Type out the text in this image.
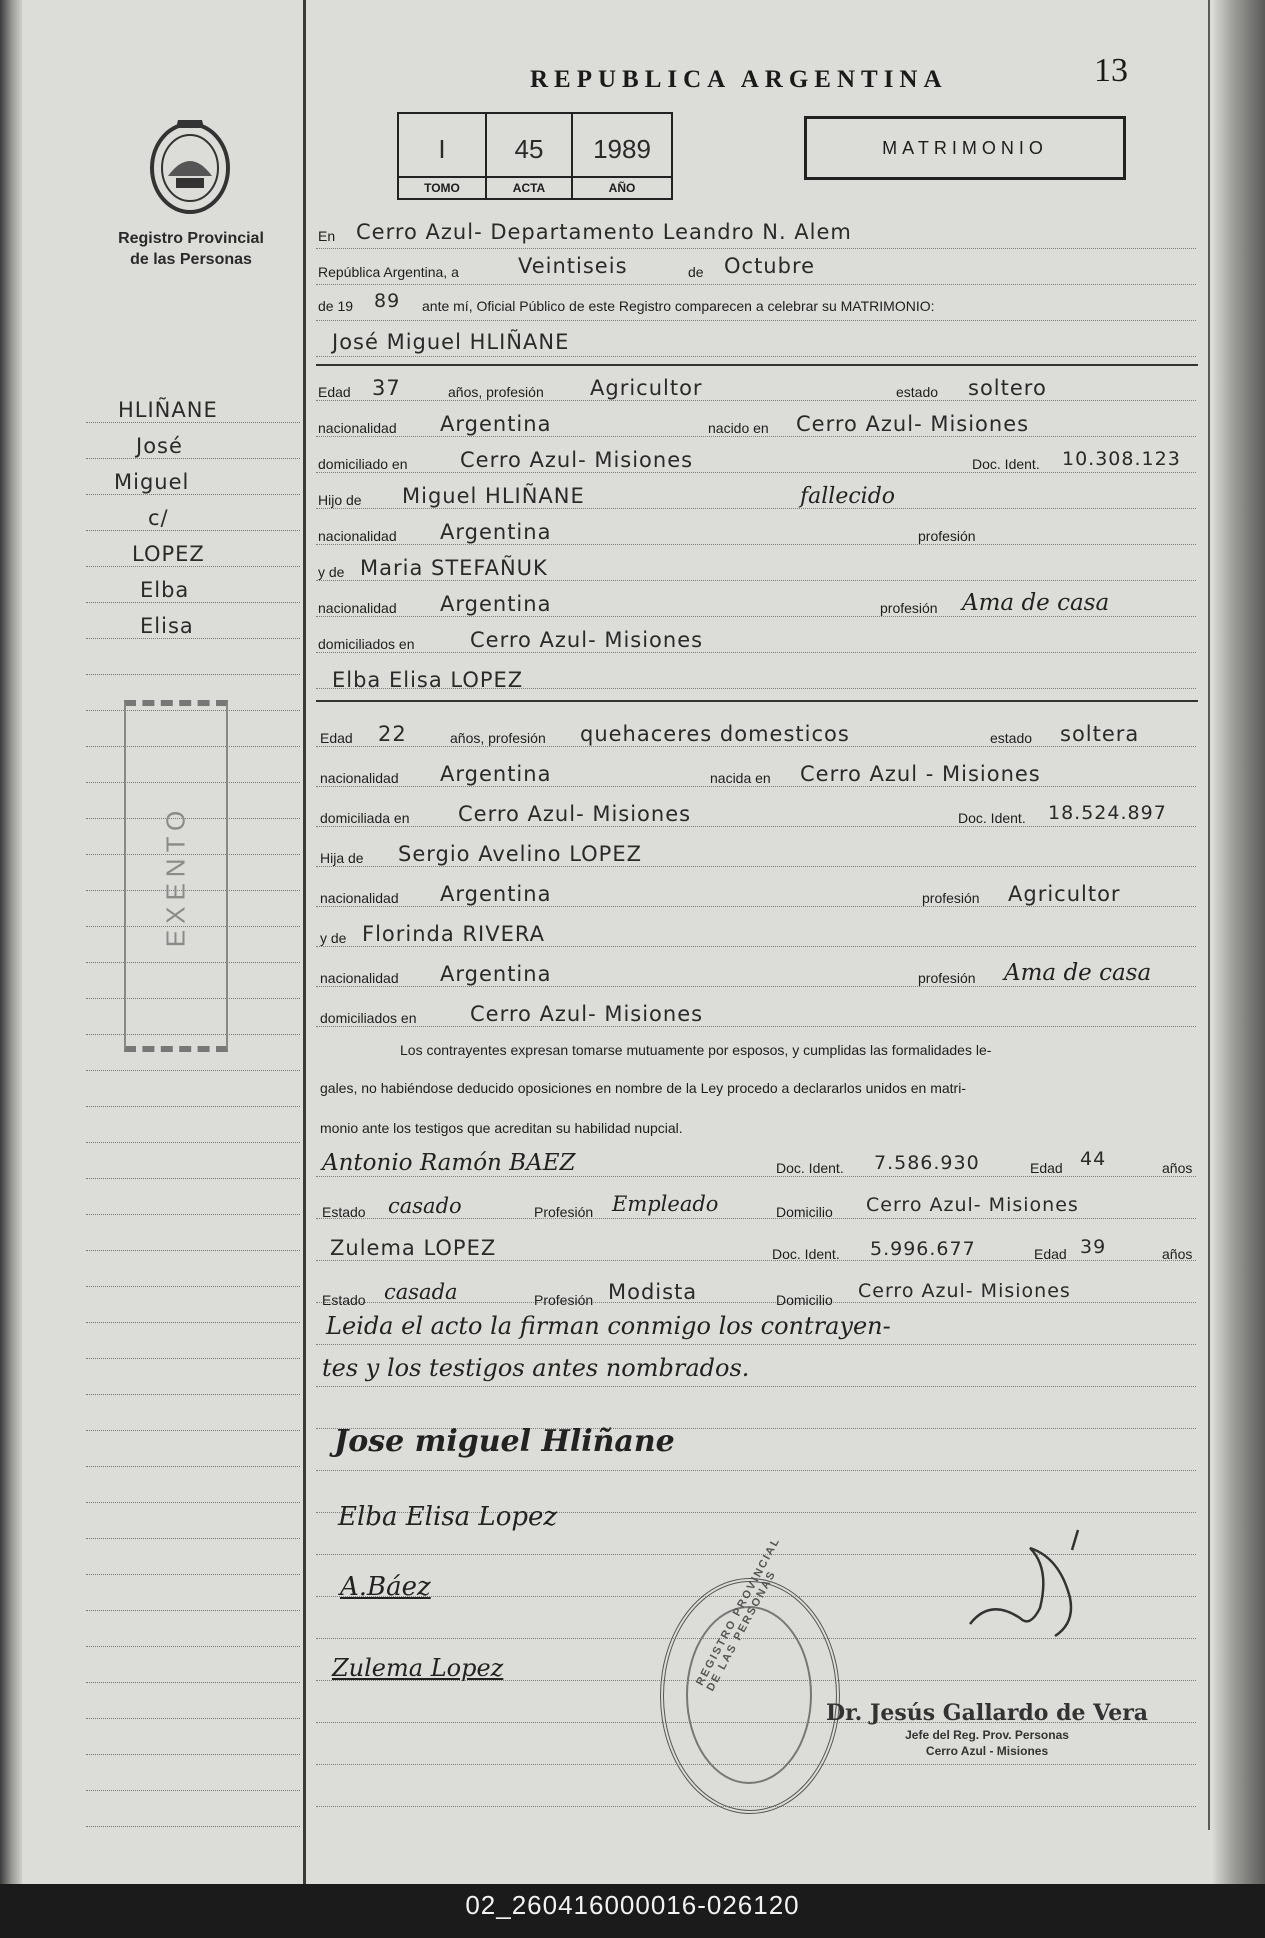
Registro Provincial
de las Personas
HLIÑANE
José
Miguel
c/
LOPEZ
Elba
Elisa
EXENTO
REPUBLICA ARGENTINA	13
I
TOMO
45
ACTA
1989
AÑO
MATRIMONIO
En Cerro Azul- Departamento Leandro N. Alem
República Argentina, a	Veintiseis	de Octubre
de 19 89 ante mí, Oficial Público de este Registro comparecen a celebrar su MATRIMONIO:
José Miguel HLIÑANE
Edad 37	años, profesión Agricultor	estado soltero
nacionalidad Argentina	nacido en Cerro Azul- Misiones
domiciliado en	Cerro Azul- Misiones	Doc. Ident. 10.308.123
Hijo de Miguel HLIÑANE	fallecido
nacionalidad Argentina	profesión
y de Maria STEFAÑUK
nacionalidad Argentina	profesión Ama de casa
domiciliados en	Cerro Azul- Misiones
Elba Elisa LOPEZ
Edad 22	años, profesión quehaceres domesticos	estado soltera
nacionalidad Argentina	nacida en Cerro Azul - Misiones
domiciliada en Cerro Azul- Misiones	Doc. Ident. 18.524.897
Hija de Sergio Avelino LOPEZ
nacionalidad Argentina	profesión Agricultor
y de Florinda RIVERA
nacionalidad Argentina	profesión Ama de casa
domiciliados en	Cerro Azul- Misiones
Los contrayentes expresan tomarse mutuamente por esposos, y cumplidas las formalidades le-
gales, no habiéndose deducido oposiciones en nombre de la Ley procedo a declararlos unidos en matri-
monio ante los testigos que acreditan su habilidad nupcial.
Antonio Ramón BAEZ	Doc. Ident. 7.586.930	Edad 44	años
Estado casado	Profesión Empleado	Domicilio Cerro Azul- Misiones
Zulema LOPEZ	Doc. Ident. 5.996.677	Edad 39	años
Estado casada	Profesión Modista	Domicilio Cerro Azul- Misiones
Leida el acto la firman conmigo los contrayen-
tes y los testigos antes nombrados.
Jose miguel Hliñane
Elba Elisa Lopez
A.Báez
Zulema Lopez	REGISTRO PROVINCIAL DE LAS PERSONAS
Dr. Jesús Gallardo de Vera
Jefe del Reg. Prov. Personas
Cerro Azul - Misiones
02_260416000016-026120
